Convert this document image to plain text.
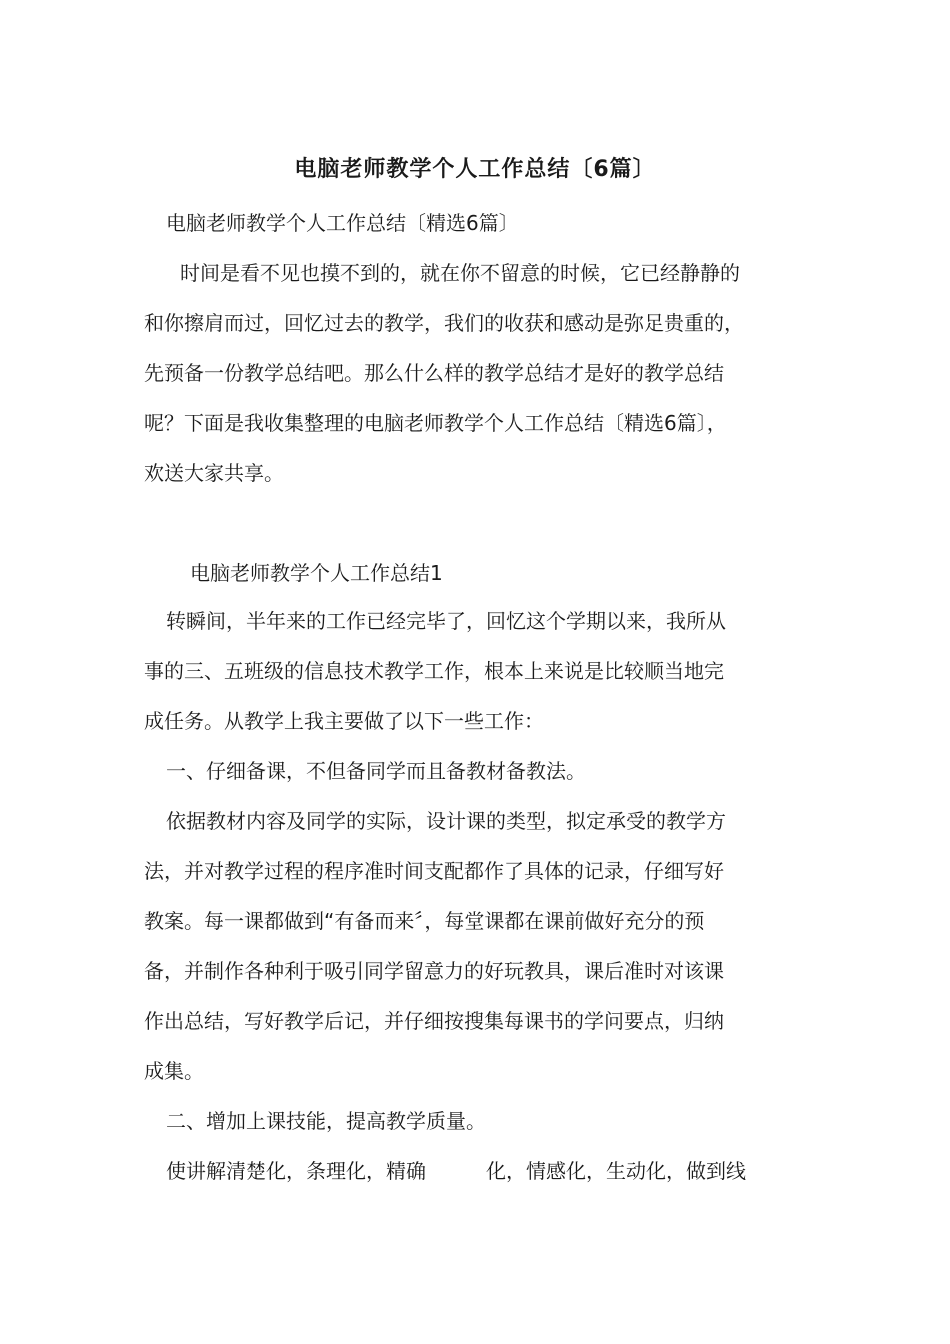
电脑老师教学个人工作总结〔6篇〕
电脑老师教学个人工作总结〔精选6篇〕
时间是看不见也摸不到的，就在你不留意的时候，它已经静静的
和你擦肩而过，回忆过去的教学，我们的收获和感动是弥足贵重的，
先预备一份教学总结吧。那么什么样的教学总结才是好的教学总结
呢？下面是我收集整理的电脑老师教学个人工作总结〔精选6篇〕，
欢送大家共享。
电脑老师教学个人工作总结1
转瞬间，半年来的工作已经完毕了，回忆这个学期以来，我所从
事的三、五班级的信息技术教学工作，根本上来说是比较顺当地完
成任务。从教学上我主要做了以下一些工作：
一、仔细备课，不但备同学而且备教材备教法。
依据教材内容及同学的实际，设计课的类型，拟定承受的教学方
法，并对教学过程的程序准时间支配都作了具体的记录，仔细写好
教案。每一课都做到“有备而来〞，每堂课都在课前做好充分的预
备，并制作各种利于吸引同学留意力的好玩教具，课后准时对该课
作出总结，写好教学后记，并仔细按搜集每课书的学问要点，归纳
成集。
二、增加上课技能，提高教学质量。
使讲解清楚化，条理化，精确　　　化，情感化，生动化，做到线
